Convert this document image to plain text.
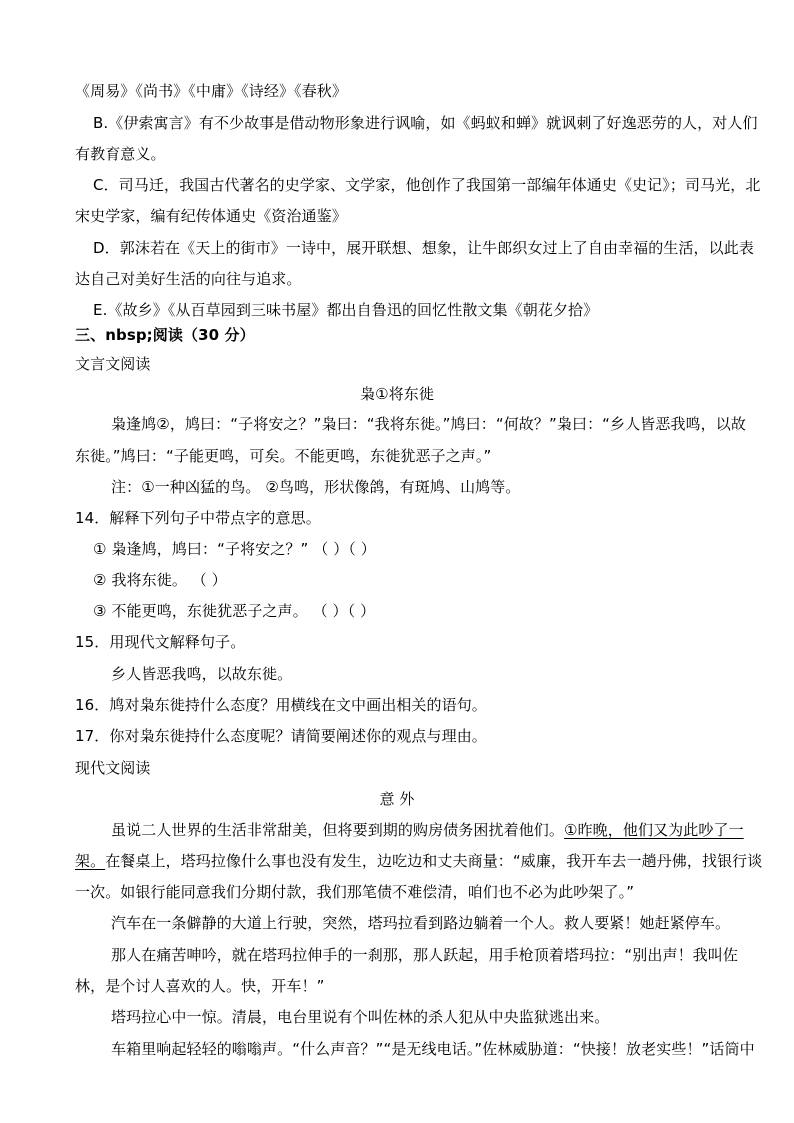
《周易》《尚书》《中庸》《诗经》《春秋》
B.《伊索寓言》有不少故事是借动物形象进行讽喻，如《蚂蚁和蝉》就讽刺了好逸恶劳的人，对人们
有教育意义。
C．司马迁，我国古代著名的史学家、文学家，他创作了我国第一部编年体通史《史记》；司马光，北
宋史学家，编有纪传体通史《资治通鉴》
D．郭沫若在《天上的街市》一诗中，展开联想、想象，让牛郎织女过上了自由幸福的生活，以此表
达自己对美好生活的向往与追求。
E.《故乡》《从百草园到三味书屋》都出自鲁迅的回忆性散文集《朝花夕拾》
三、nbsp;阅读（30 分）
文言文阅读
枭①将东徙
枭逢鸠②，鸠曰：“子将安之？”枭曰：“我将东徙。”鸠曰：“何故？”枭曰：“乡人皆恶我鸣，以故
东徙。”鸠曰：“子能更鸣，可矣。不能更鸣，东徙犹恶子之声。”
注：①一种凶猛的鸟。 ②鸟鸣，形状像鸽，有斑鸠、山鸠等。
14．解释下列句子中带点字的意思。
① 枭逢鸠，鸠曰：“子将安之？” （ ）（ ）
② 我将东徙。 （ ）
③ 不能更鸣，东徙犹恶子之声。 （ ）（ ）
15．用现代文解释句子。
乡人皆恶我鸣，以故东徙。
16．鸠对枭东徙持什么态度？用横线在文中画出相关的语句。
17．你对枭东徙持什么态度呢？请简要阐述你的观点与理由。
现代文阅读
意 外
虽说二人世界的生活非常甜美，但将要到期的购房债务困扰着他们。①昨晚，他们又为此吵了一
架。在餐桌上，塔玛拉像什么事也没有发生，边吃边和丈夫商量：“威廉，我开车去一趟丹佛，找银行谈
一次。如银行能同意我们分期付款，我们那笔债不难偿清，咱们也不必为此吵架了。”
汽车在一条僻静的大道上行驶，突然，塔玛拉看到路边躺着一个人。救人要紧！她赶紧停车。
那人在痛苦呻吟，就在塔玛拉伸手的一刹那，那人跃起，用手枪顶着塔玛拉：“别出声！我叫佐
林，是个讨人喜欢的人。快，开车！”
塔玛拉心中一惊。清晨，电台里说有个叫佐林的杀人犯从中央监狱逃出来。
车箱里响起轻轻的嗡嗡声。“什么声音？”“是无线电话。”佐林威胁道：“快接！放老实些！”话筒中
